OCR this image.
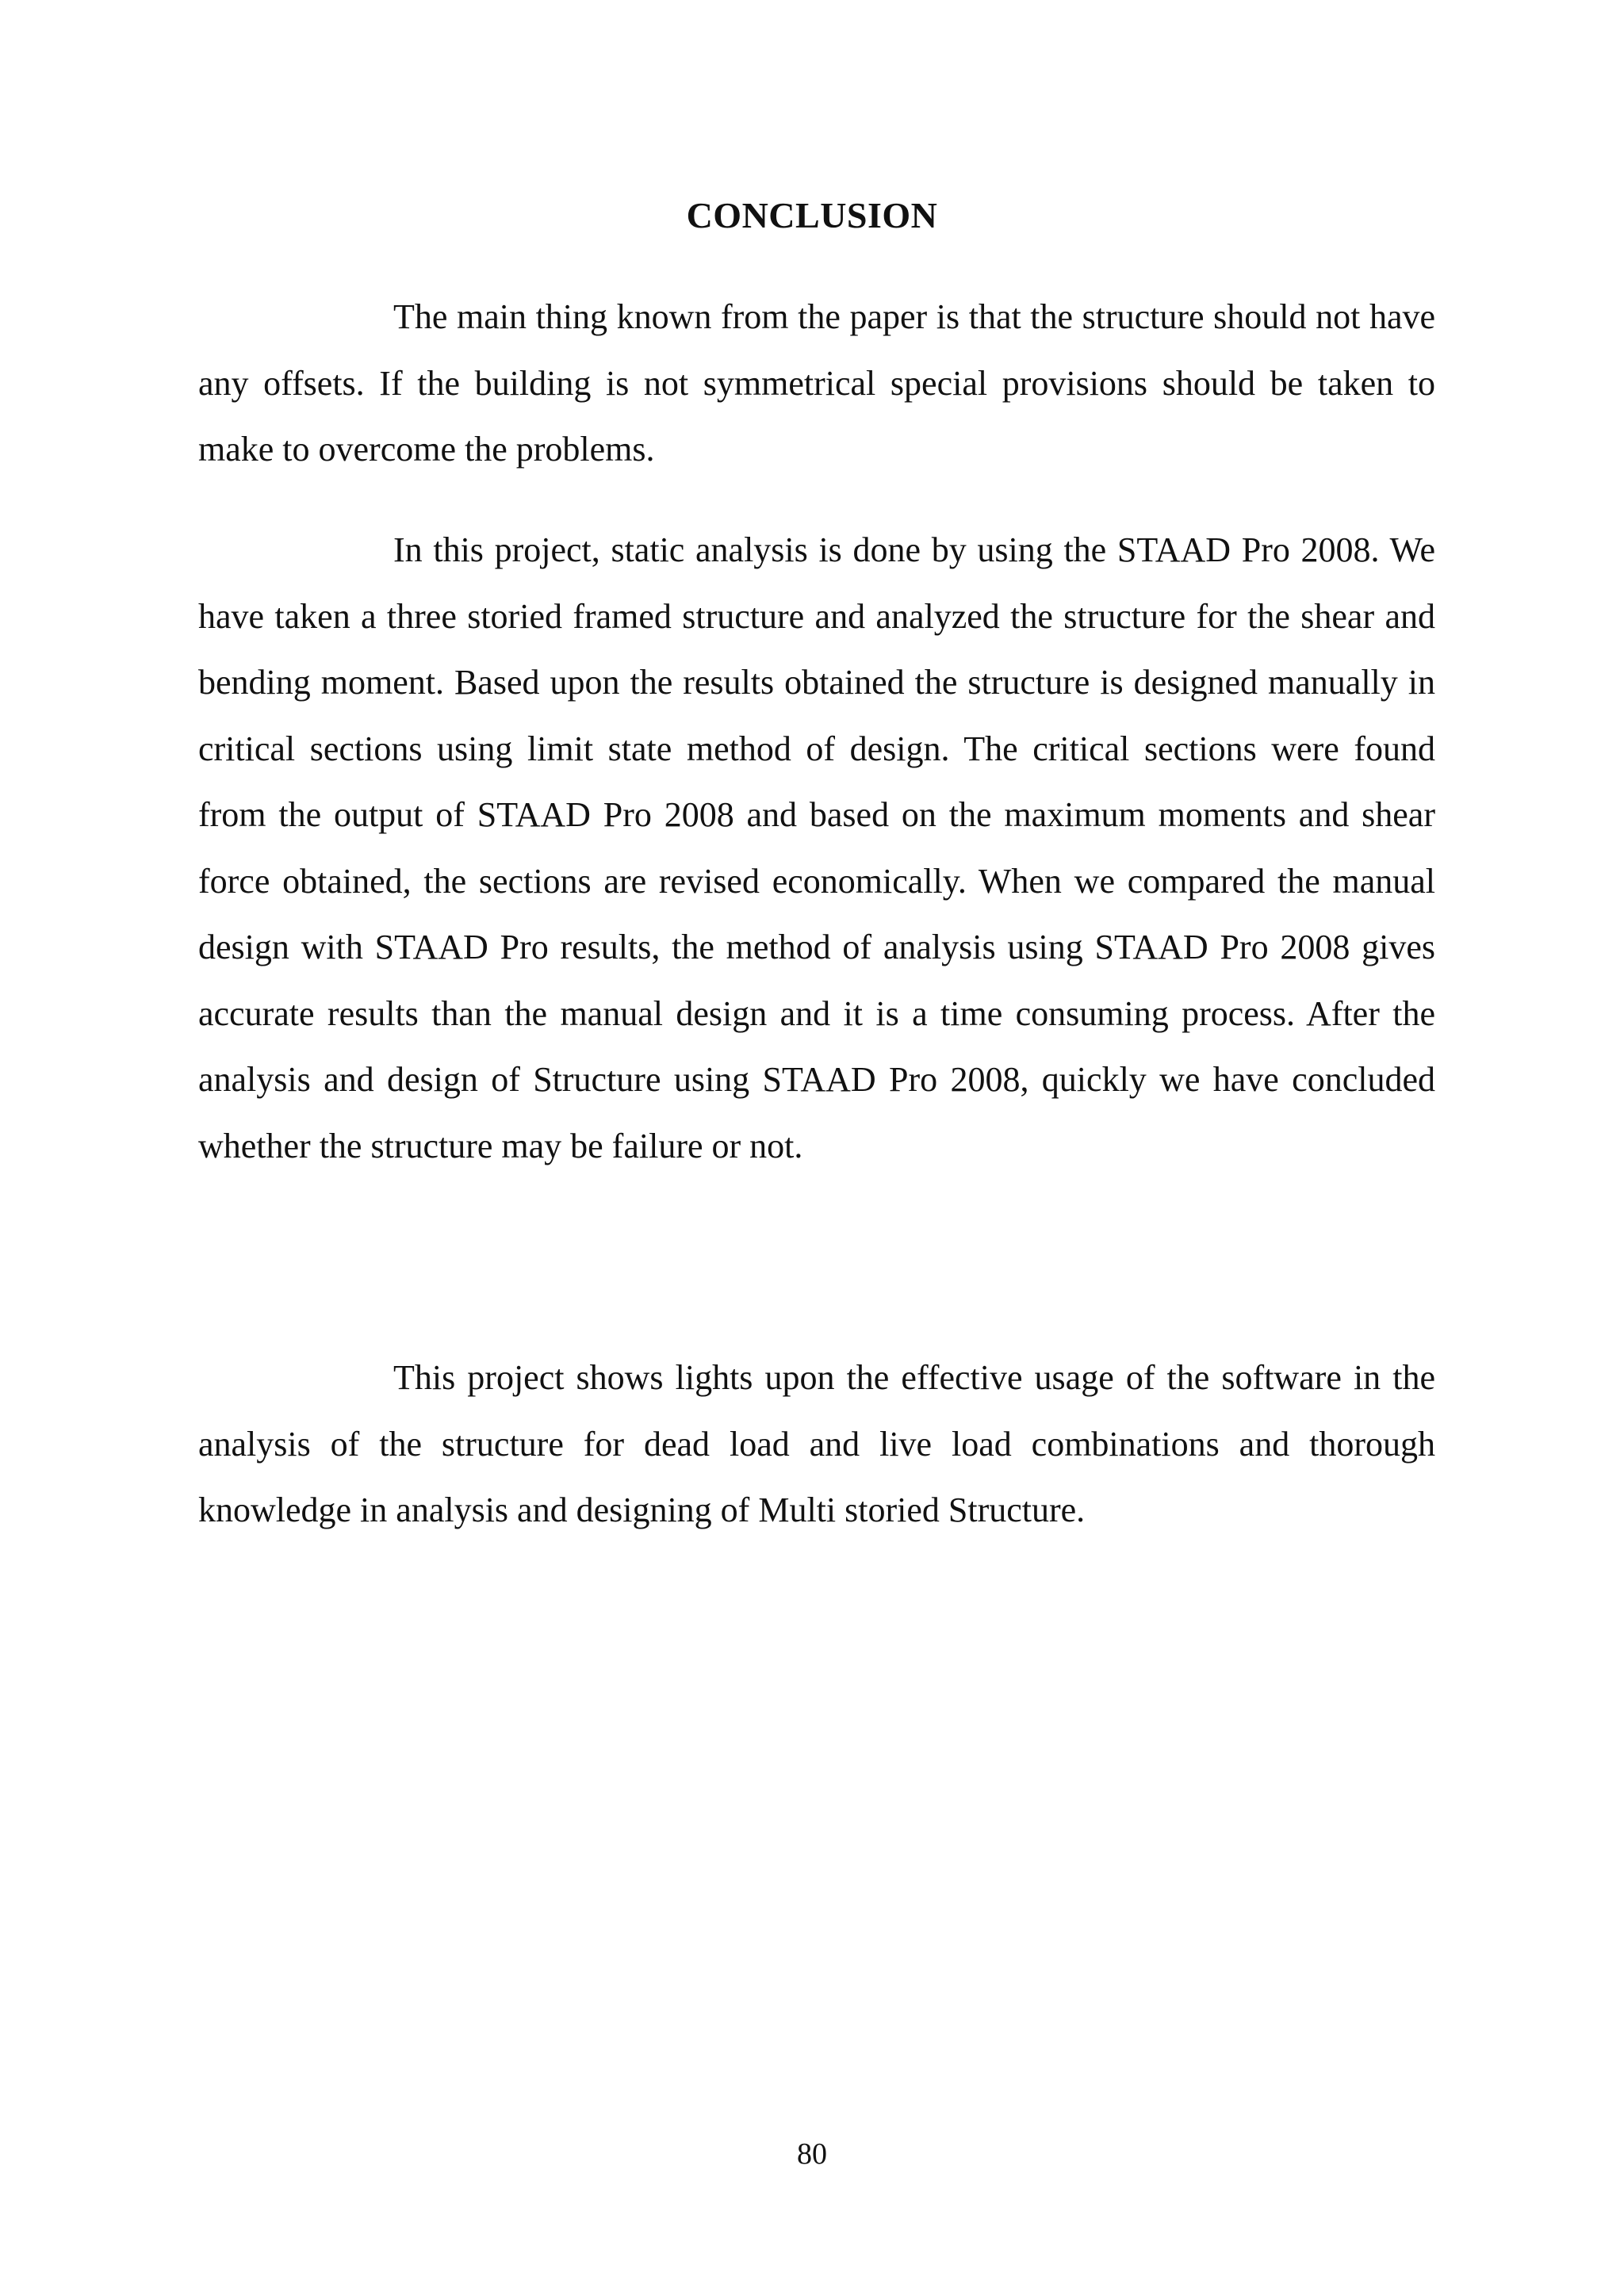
CONCLUSION

The main thing known from the paper is that the structure should not have any offsets. If the building is not symmetrical special provisions should be taken to make to overcome the problems.

In this project, static analysis is done by using the STAAD Pro 2008. We have taken a three storied framed structure and analyzed the structure for the shear and bending moment. Based upon the results obtained the structure is designed manually in critical sections using limit state method of design. The critical sections were found from the output of STAAD Pro 2008 and based on the maximum moments and shear force obtained, the sections are revised economically. When we compared the manual design with STAAD Pro results, the method of analysis using STAAD Pro 2008 gives accurate results than the manual design and it is a time consuming process. After the analysis and design of Structure using STAAD Pro 2008, quickly we have concluded whether the structure may be failure or not.

This project shows lights upon the effective usage of the software in the analysis of the structure for dead load and live load combinations and thorough knowledge in analysis and designing of Multi storied Structure.

80
